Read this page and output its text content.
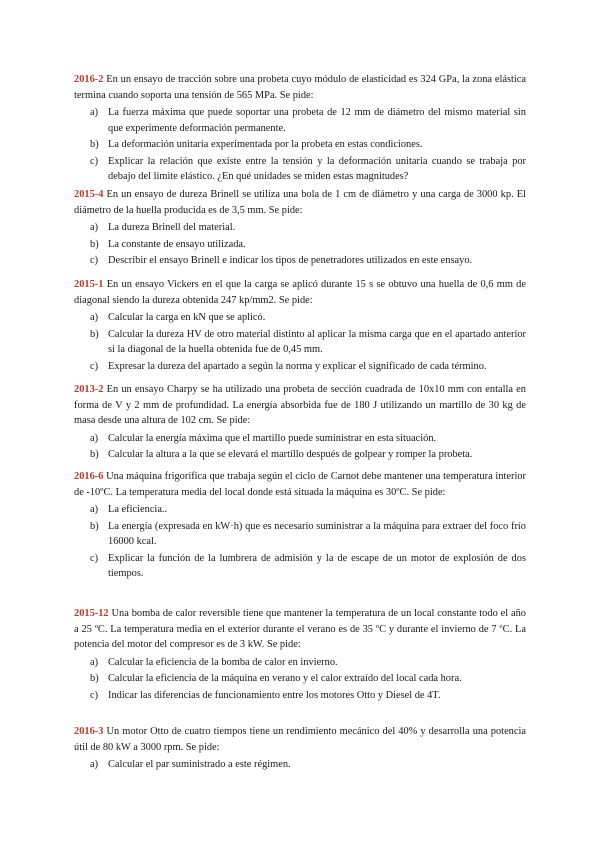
2016-2 En un ensayo de tracción sobre una probeta cuyo módulo de elasticidad es 324 GPa, la zona elástica termina cuando soporta una tensión de 565 MPa. Se pide:

a) La fuerza máxima que puede soportar una probeta de 12 mm de diámetro del mismo material sin que experimente deformación permanente.
b) La deformación unitaria experimentada por la probeta en estas condiciones.
c) Explicar la relación que existe entre la tensión y la deformación unitaria cuando se trabaja por debajo del límite elástico. ¿En qué unidades se miden estas magnitudes?

2015-4 En un ensayo de dureza Brinell se utiliza una bola de 1 cm de diámetro y una carga de 3000 kp. El diámetro de la huella producida es de 3,5 mm. Se pide:

a) La dureza Brinell del material.
b) La constante de ensayo utilizada.
c) Describir el ensayo Brinell e indicar los tipos de penetradores utilizados en este ensayo.

2015-1 En un ensayo Vickers en el que la carga se aplicó durante 15 s se obtuvo una huella de 0,6 mm de diagonal siendo la dureza obtenida 247 kp/mm2. Se pide:

a) Calcular la carga en kN que se aplicó.
b) Calcular la dureza HV de otro material distinto al aplicar la misma carga que en el apartado anterior si la diagonal de la huella obtenida fue de 0,45 mm.
c) Expresar la dureza del apartado a según la norma y explicar el significado de cada término.

2013-2 En un ensayo Charpy se ha utilizado una probeta de sección cuadrada de 10x10 mm con entalla en forma de V y 2 mm de profundidad. La energía absorbida fue de 180 J utilizando un martillo de 30 kg de masa desde una altura de 102 cm. Se pide:

a) Calcular la energía máxima que el martillo puede suministrar en esta situación.
b) Calcular la altura a la que se elevará el martillo después de golpear y romper la probeta.

2016-6 Una máquina frigorífica que trabaja según el ciclo de Carnot debe mantener una temperatura interior de -10ºC. La temperatura media del local donde está situada la máquina es 30ºC. Se pide:

a) La eficiencia..
b) La energía (expresada en kW·h) que es necesario suministrar a la máquina para extraer del foco frío 16000 kcal.
c) Explicar la función de la lumbrera de admisión y la de escape de un motor de explosión de dos tiempos.

2015-12 Una bomba de calor reversible tiene que mantener la temperatura de un local constante todo el año a 25 ºC. La temperatura media en el exterior durante el verano es de 35 ºC y durante el invierno de 7 ºC. La potencia del motor del compresor es de 3 kW. Se pide:

a) Calcular la eficiencia de la bomba de calor en invierno.
b) Calcular la eficiencia de la máquina en verano y el calor extraído del local cada hora.
c) Indicar las diferencias de funcionamiento entre los motores Otto y Diesel de 4T.

2016-3 Un motor Otto de cuatro tiempos tiene un rendimiento mecánico del 40% y desarrolla una potencia útil de 80 kW a 3000 rpm. Se pide:

a) Calcular el par suministrado a este régimen.
